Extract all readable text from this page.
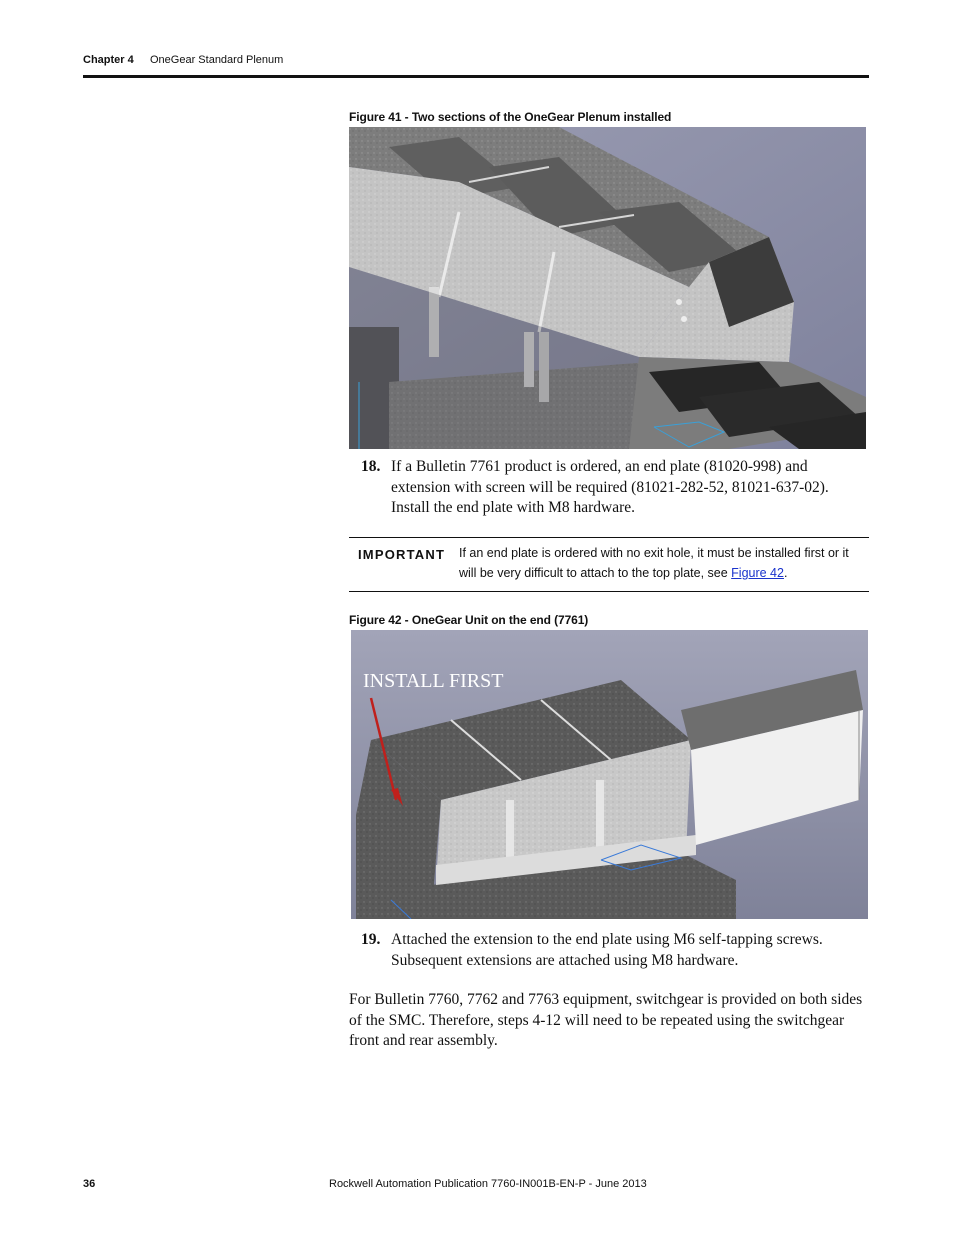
Chapter 4 OneGear Standard Plenum
Figure 41 - Two sections of the OneGear Plenum installed
18. If a Bulletin 7761 product is ordered, an end plate (81020-998) and extension with screen will be required (81021-282-52, 81021-637-02). Install the end plate with M8 hardware.
IMPORTANT If an end plate is ordered with no exit hole, it must be installed first or it will be very difficult to attach to the top plate, see Figure 42.
Figure 42 - OneGear Unit on the end (7761)
INSTALL FIRST
19. Attached the extension to the end plate using M6 self-tapping screws. Subsequent extensions are attached using M8 hardware.
For Bulletin 7760, 7762 and 7763 equipment, switchgear is provided on both sides of the SMC. Therefore, steps 4-12 will need to be repeated using the switchgear front and rear assembly.
36	Rockwell Automation Publication 7760-IN001B-EN-P - June 2013
